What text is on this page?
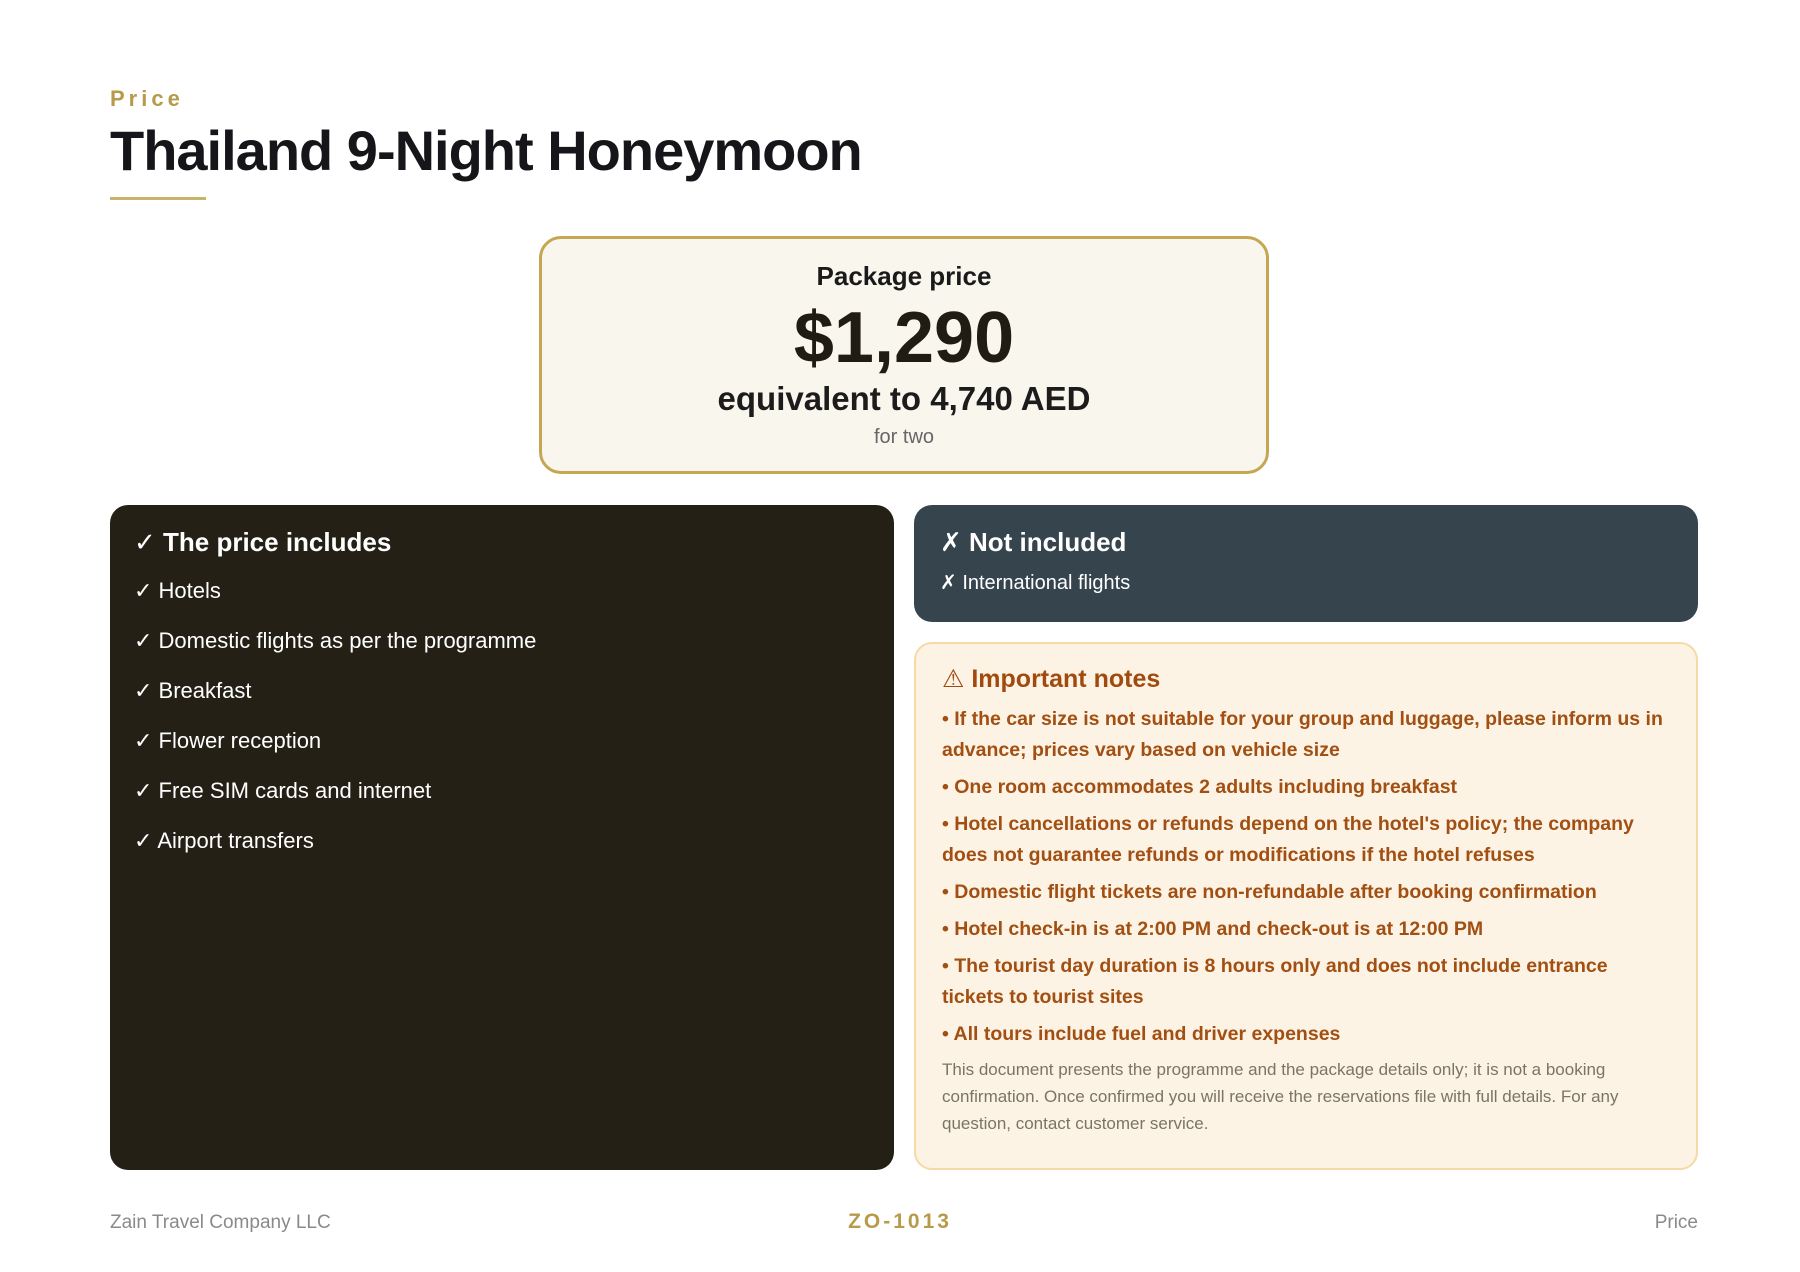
Price
Thailand 9-Night Honeymoon
Package price
$1,290
equivalent to 4,740 AED
for two
✓ The price includes
✓ Hotels
✓ Domestic flights as per the programme
✓ Breakfast
✓ Flower reception
✓ Free SIM cards and internet
✓ Airport transfers
✗ Not included
✗ International flights
⚠ Important notes
• If the car size is not suitable for your group and luggage, please inform us in advance; prices vary based on vehicle size
• One room accommodates 2 adults including breakfast
• Hotel cancellations or refunds depend on the hotel's policy; the company does not guarantee refunds or modifications if the hotel refuses
• Domestic flight tickets are non-refundable after booking confirmation
• Hotel check-in is at 2:00 PM and check-out is at 12:00 PM
• The tourist day duration is 8 hours only and does not include entrance tickets to tourist sites
• All tours include fuel and driver expenses
This document presents the programme and the package details only; it is not a booking confirmation. Once confirmed you will receive the reservations file with full details. For any question, contact customer service.
Zain Travel Company LLC	ZO-1013	Price
